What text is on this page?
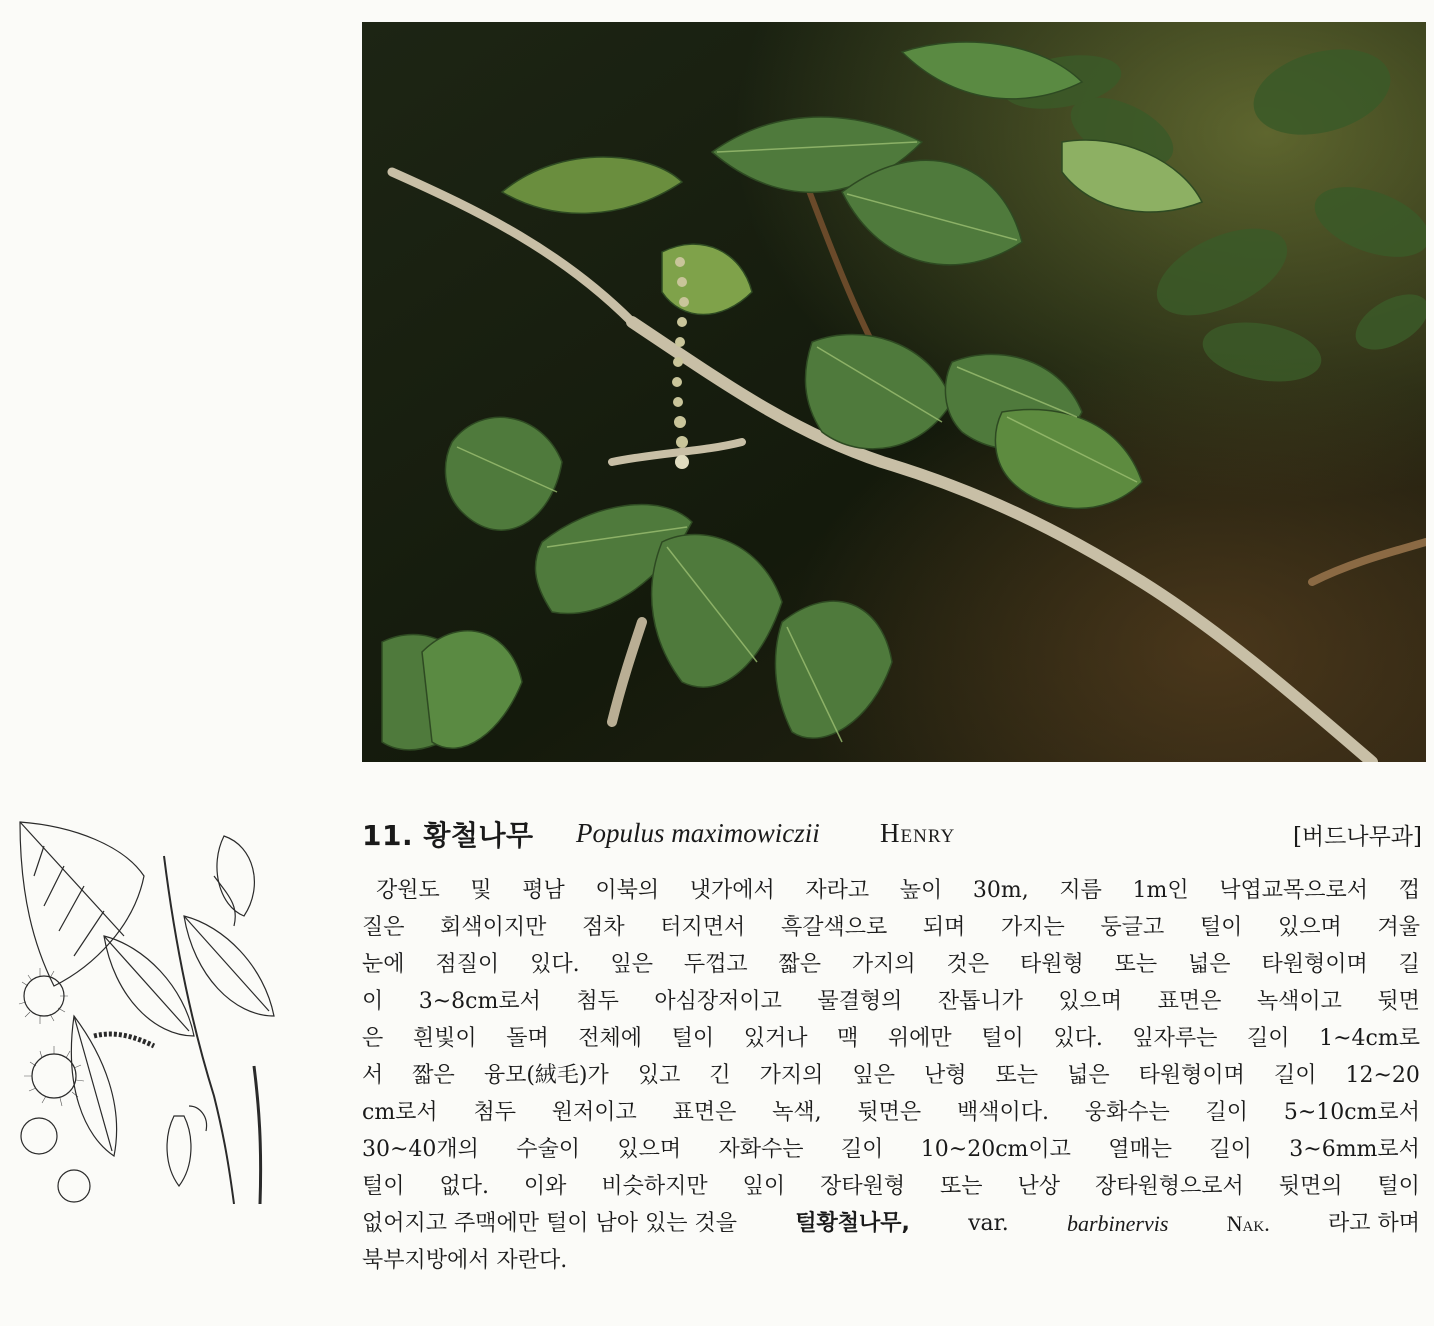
11. 황철나무 Populus maximowiczii Henry	[버드나무과]
강원도 및 평남 이북의 냇가에서 자라고 높이 30m, 지름 1m인 낙엽교목으로서 껍
질은 회색이지만 점차 터지면서 흑갈색으로 되며 가지는 둥글고 털이 있으며 겨울
눈에 점질이 있다. 잎은 두껍고 짧은 가지의 것은 타원형 또는 넓은 타원형이며 길
이 3~8cm로서 첨두 아심장저이고 물결형의 잔톱니가 있으며 표면은 녹색이고 뒷면
은 흰빛이 돌며 전체에 털이 있거나 맥 위에만 털이 있다. 잎자루는 길이 1~4cm로
서 짧은 융모(絨毛)가 있고 긴 가지의 잎은 난형 또는 넓은 타원형이며 길이 12~20
cm로서 첨두 원저이고 표면은 녹색, 뒷면은 백색이다. 웅화수는 길이 5~10cm로서
30~40개의 수술이 있으며 자화수는 길이 10~20cm이고 열매는 길이 3~6mm로서
털이 없다. 이와 비슷하지만 잎이 장타원형 또는 난상 장타원형으로서 뒷면의 털이
없어지고 주맥에만 털이 남아 있는 것을	털황철나무,	var.	barbinervis	Nak.	라고 하며
북부지방에서 자란다.
